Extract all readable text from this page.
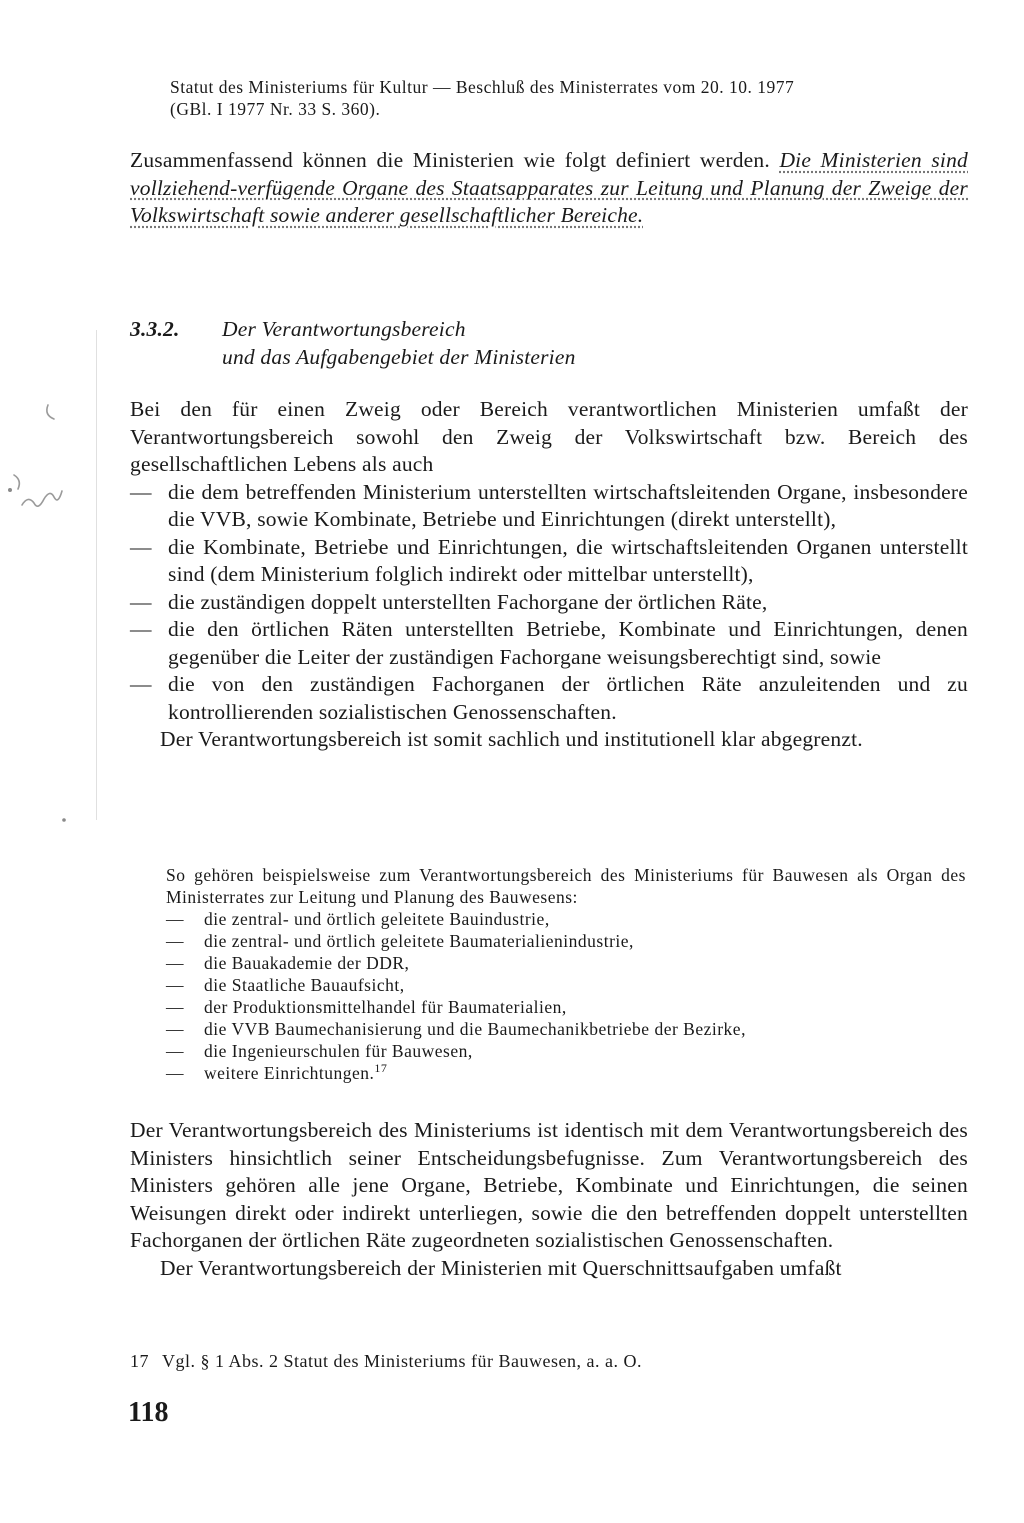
Statut des Ministeriums für Kultur — Beschluß des Ministerrates vom 20. 10. 1977

(GBl. I 1977 Nr. 33 S. 360).

Zusammenfassend können die Ministerien wie folgt definiert werden. Die Ministerien sind vollziehend-verfügende Organe des Staatsapparates zur Leitung und Planung der Zweige der Volkswirtschaft sowie anderer gesellschaftlicher Bereiche.
3.3.2. Der Verantwortungsbereich

und das Aufgabengebiet der Ministerien

Bei den für einen Zweig oder Bereich verantwortlichen Ministerien umfaßt der Verantwortungsbereich sowohl den Zweig der Volkswirtschaft bzw. Bereich des gesellschaftlichen Lebens als auch

— die dem betreffenden Ministerium unterstellten wirtschaftsleitenden Organe, insbesondere die VVB, sowie Kombinate, Betriebe und Einrichtungen (direkt unterstellt),
— die Kombinate, Betriebe und Einrichtungen, die wirtschaftsleitenden Organen unterstellt sind (dem Ministerium folglich indirekt oder mittelbar unterstellt),
— die zuständigen doppelt unterstellten Fachorgane der örtlichen Räte,
— die den örtlichen Räten unterstellten Betriebe, Kombinate und Einrichtungen, denen gegenüber die Leiter der zuständigen Fachorgane weisungsberechtigt sind, sowie
— die von den zuständigen Fachorganen der örtlichen Räte anzuleitenden und zu kontrollierenden sozialistischen Genossenschaften.

Der Verantwortungsbereich ist somit sachlich und institutionell klar abgegrenzt.

So gehören beispielsweise zum Verantwortungsbereich des Ministeriums für Bauwesen als Organ des Ministerrates zur Leitung und Planung des Bauwesens:

— die zentral- und örtlich geleitete Bauindustrie,
— die zentral- und örtlich geleitete Baumaterialienindustrie,
— die Bauakademie der DDR,
— die Staatliche Bauaufsicht,
— der Produktionsmittelhandel für Baumaterialien,
— die VVB Baumechanisierung und die Baumechanikbetriebe der Bezirke,
— die Ingenieurschulen für Bauwesen,
— weitere Einrichtungen.$^{17}$

Der Verantwortungsbereich des Ministeriums ist identisch mit dem Verantwortungsbereich des Ministers hinsichtlich seiner Entscheidungsbefugnisse. Zum Verantwortungsbereich des Ministers gehören alle jene Organe, Betriebe, Kombinate und Einrichtungen, die seinen Weisungen direkt oder indirekt unterliegen, sowie die den betreffenden doppelt unterstellten Fachorganen der örtlichen Räte zugeordneten sozialistischen Genossenschaften.

Der Verantwortungsbereich der Ministerien mit Querschnittsaufgaben umfaßt

17 Vgl. § 1 Abs. 2 Statut des Ministeriums für Bauwesen, a. a. O.
118
